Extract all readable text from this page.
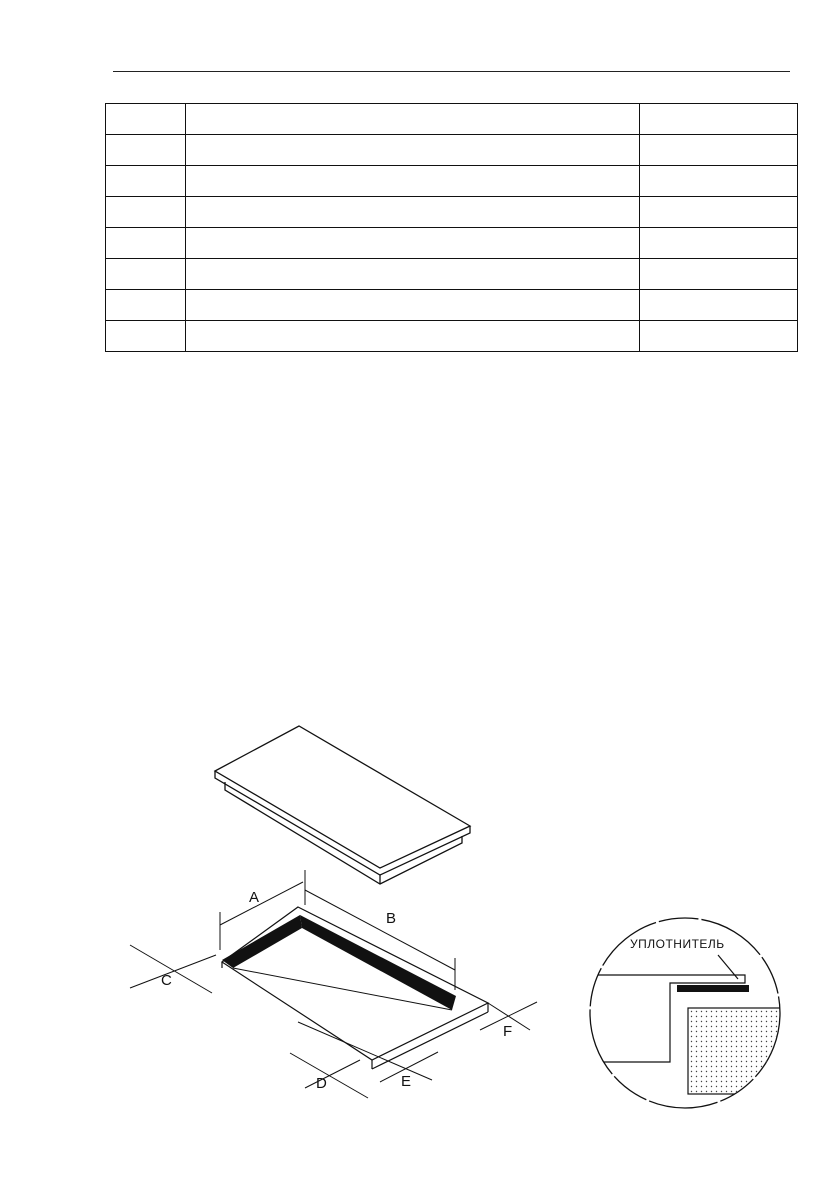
A
B
C
D	E
F
УПЛОТНИТЕЛЬ
